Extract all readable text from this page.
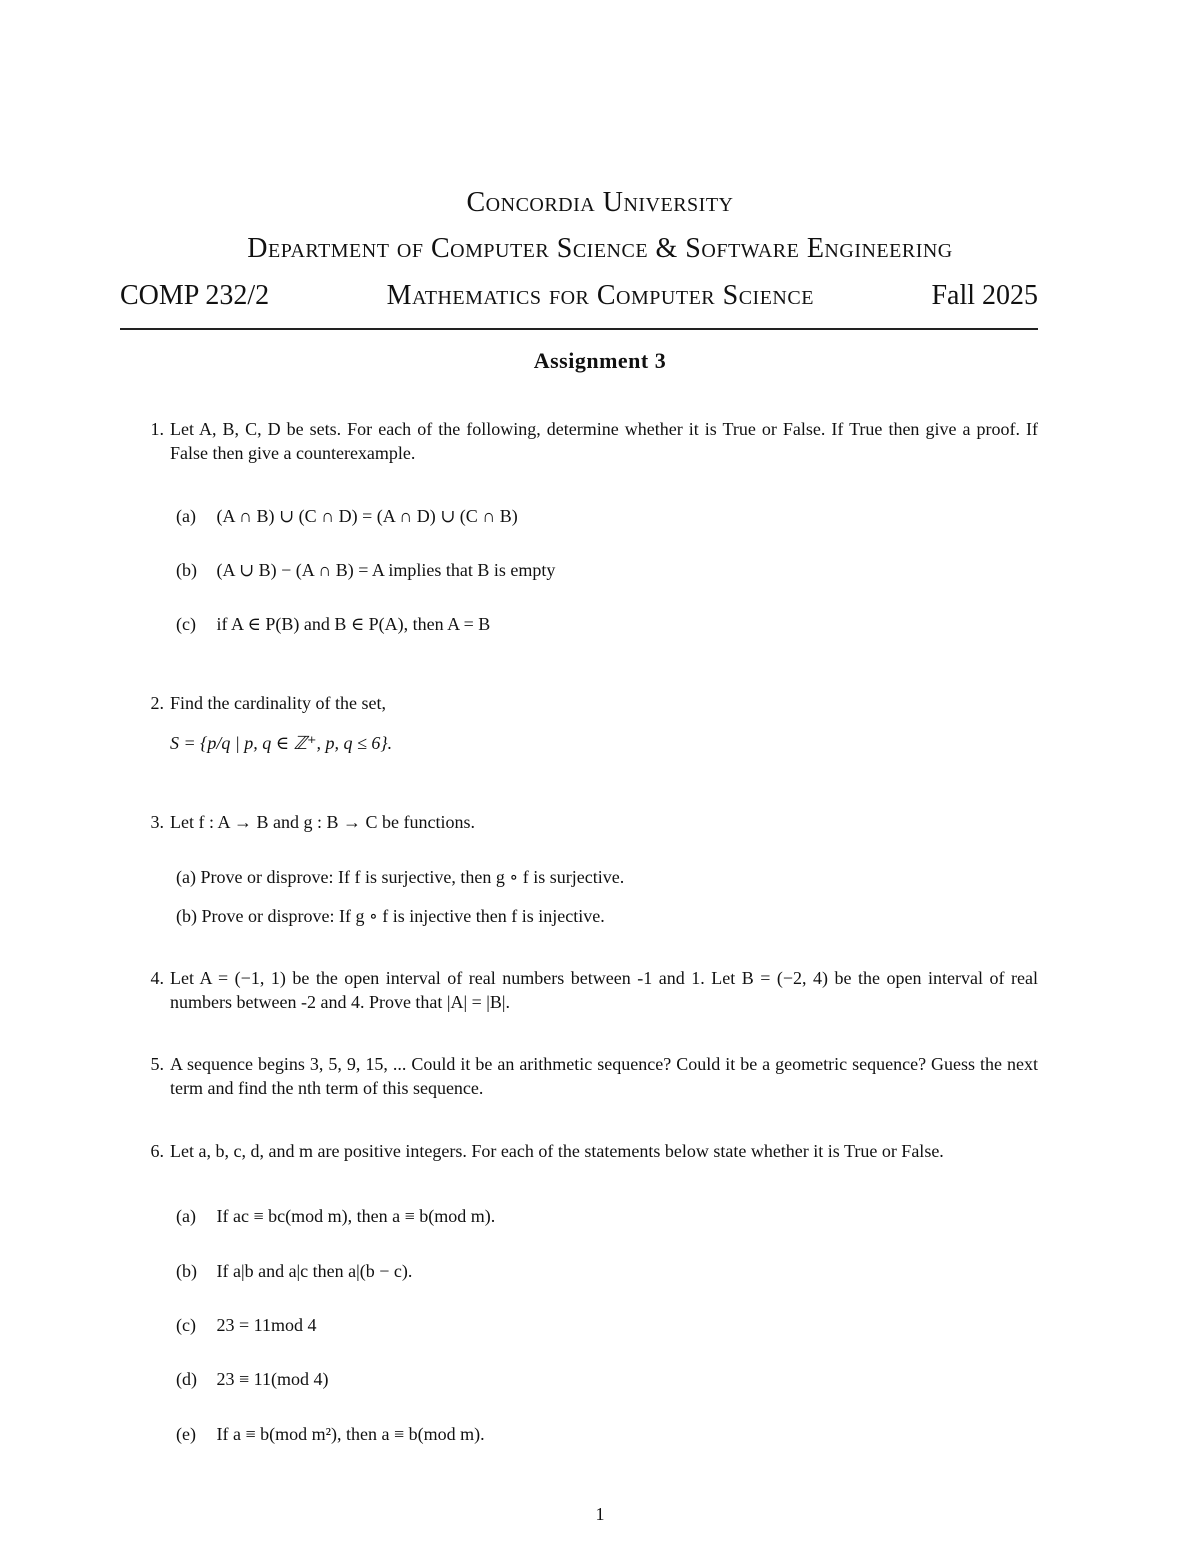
Concordia University
Department of Computer Science & Software Engineering
COMP 232/2	Mathematics for Computer Science	Fall 2025
Assignment 3
1. Let A, B, C, D be sets. For each of the following, determine whether it is True or False. If True then give a proof. If False then give a counterexample.
(a) (A ∩ B) ∪ (C ∩ D) = (A ∩ D) ∪ (C ∩ B)
(b) (A ∪ B) − (A ∩ B) = A implies that B is empty
(c) if A ∈ P(B) and B ∈ P(A), then A = B
2. Find the cardinality of the set,
S = {p/q | p, q ∈ ℤ⁺, p, q ≤ 6}.
3. Let f : A → B and g : B → C be functions.
(a) Prove or disprove: If f is surjective, then g ∘ f is surjective.
(b) Prove or disprove: If g ∘ f is injective then f is injective.
4. Let A = (−1, 1) be the open interval of real numbers between -1 and 1. Let B = (−2, 4) be the open interval of real numbers between -2 and 4. Prove that |A| = |B|.
5. A sequence begins 3, 5, 9, 15, ... Could it be an arithmetic sequence? Could it be a geometric sequence? Guess the next term and find the nth term of this sequence.
6. Let a, b, c, d, and m are positive integers. For each of the statements below state whether it is True or False.
(a) If ac ≡ bc(mod m), then a ≡ b(mod m).
(b) If a|b and a|c then a|(b − c).
(c) 23 = 11mod 4
(d) 23 ≡ 11(mod 4)
(e) If a ≡ b(mod m²), then a ≡ b(mod m).
1
